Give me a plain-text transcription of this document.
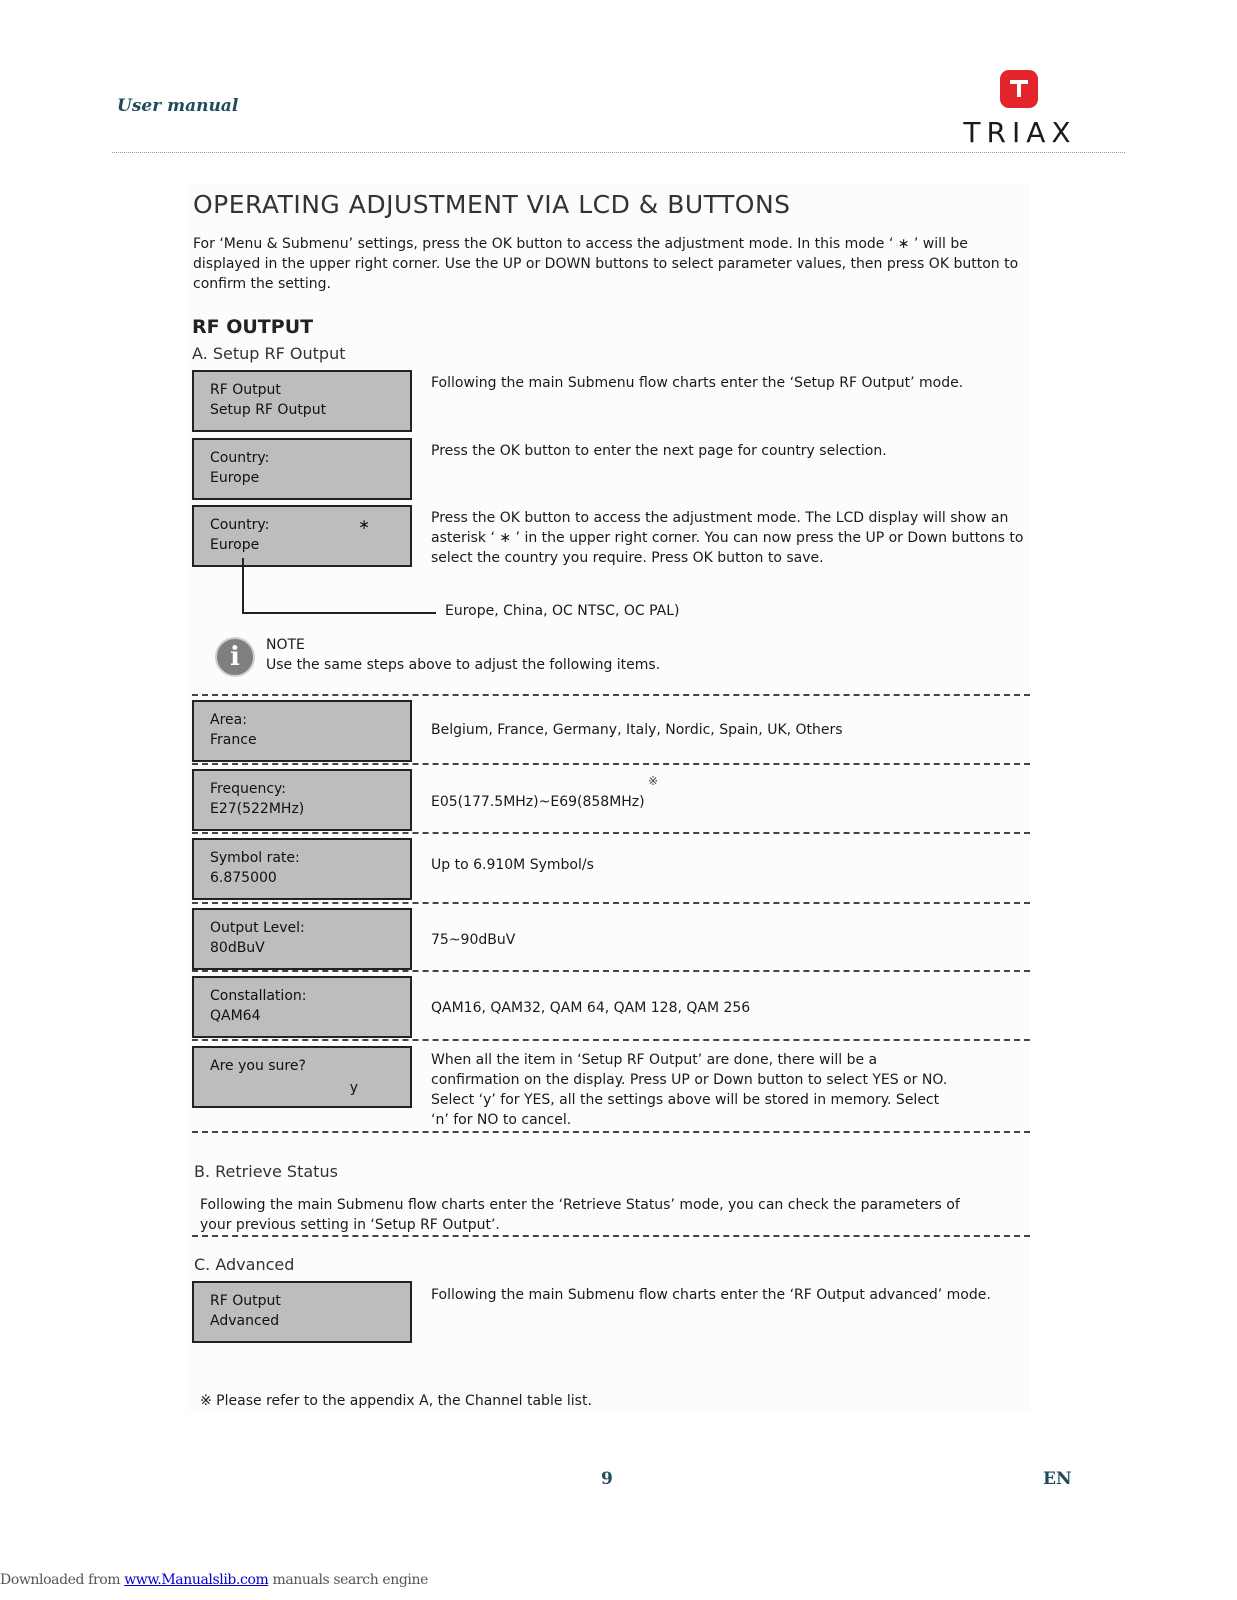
User manual
TRIAX
OPERATING ADJUSTMENT VIA LCD & BUTTONS
For ‘Menu & Submenu’ settings, press the OK button to access the adjustment mode. In this mode ‘ ∗ ’ will be displayed in the upper right corner. Use the UP or DOWN buttons to select parameter values, then press OK button to confirm the setting.
RF OUTPUT
A. Setup RF Output
RF Output
Setup RF Output
Following the main Submenu flow charts enter the ‘Setup RF Output’ mode.
Country:
Europe
Press the OK button to enter the next page for country selection.
Country:
Europe
∗	Press the OK button to access the adjustment mode. The LCD display will show an asterisk ‘ ∗ ’ in the upper right corner. You can now press the UP or Down buttons to select the country you require. Press OK button to save.
Europe, China, OC NTSC, OC PAL)
i	NOTE
Use the same steps above to adjust the following items.
Area:
France
Belgium, France, Germany, Italy, Nordic, Spain, UK, Others
Frequency:
E27(522MHz)	E05(177.5MHz)~E69(858MHz)
※
Symbol rate:
6.875000
Up to 6.910M Symbol/s
Output Level:
80dBuV	75~90dBuV
Constallation:
QAM64	QAM16, QAM32, QAM 64, QAM 128, QAM 256
Are you sure?
y
When all the item in ‘Setup RF Output’ are done, there will be a confirmation on the display. Press UP or Down button to select YES or NO. Select ‘y’ for YES, all the settings above will be stored in memory. Select ‘n’ for NO to cancel.
B. Retrieve Status
Following the main Submenu flow charts enter the ‘Retrieve Status’ mode, you can check the parameters of your previous setting in ‘Setup RF Output’.
C. Advanced
RF Output
Advanced
Following the main Submenu flow charts enter the ‘RF Output advanced’ mode.
※ Please refer to the appendix A, the Channel table list.
9	EN
Downloaded from www.Manualslib.com manuals search engine
